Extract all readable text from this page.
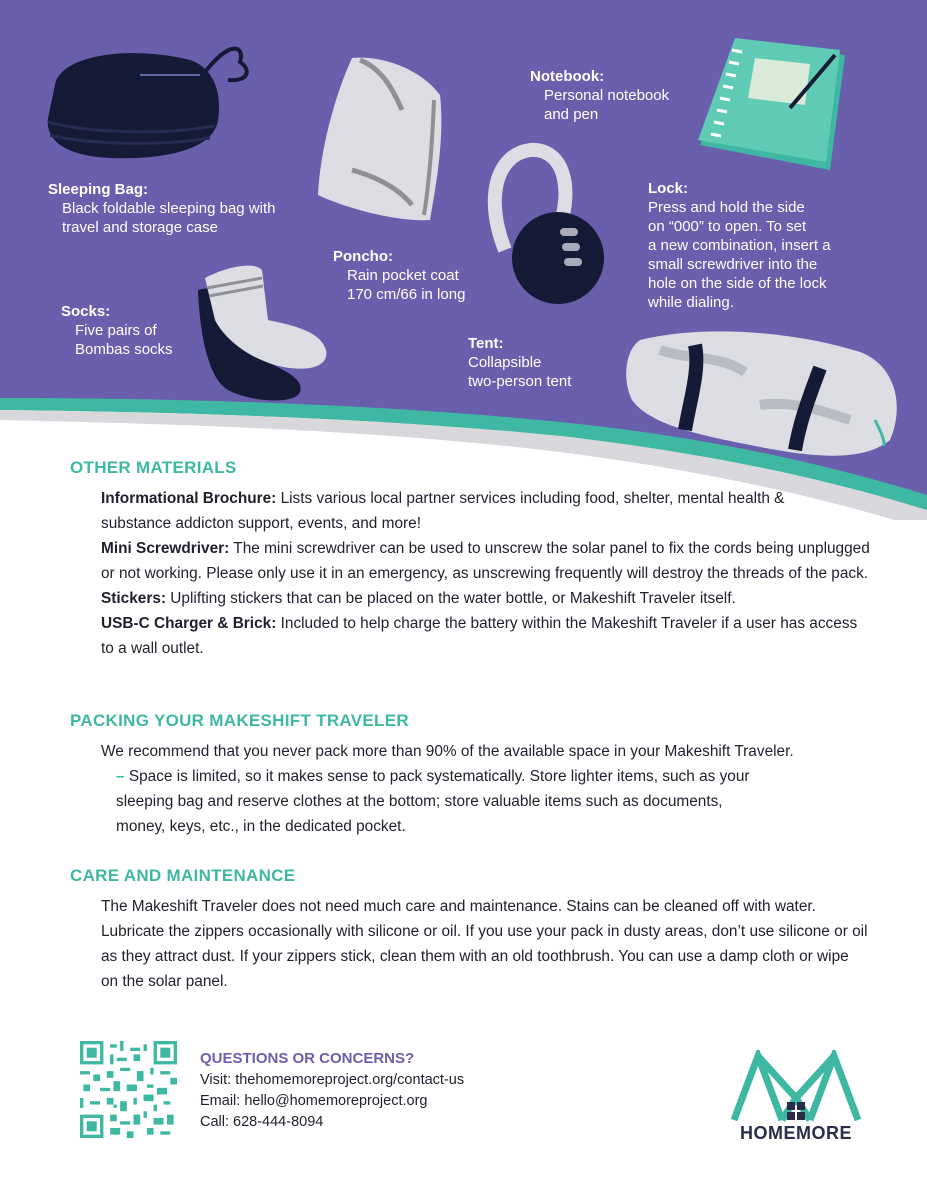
Sleeping Bag:
Black foldable sleeping bag with
travel and storage case
Poncho:
Rain pocket coat
170 cm/66 in long
Notebook:
Personal notebook
and pen
Lock:
Press and hold the side
on “000” to open. To set
a new combination, insert a
small screwdriver into the
hole on the side of the lock
while dialing.
Socks:
Five pairs of
Bombas socks	Tent:
Collapsible
two-person tent
OTHER MATERIALS

Informational Brochure: Lists various local partner services including food, shelter, mental health & substance addicton support, events, and more!

Mini Screwdriver: The mini screwdriver can be used to unscrew the solar panel to fix the cords being unplugged or not working. Please only use it in an emergency, as unscrewing frequently will destroy the threads of the pack.

Stickers: Uplifting stickers that can be placed on the water bottle, or Makeshift Traveler itself.

USB-C Charger & Brick: Included to help charge the battery within the Makeshift Traveler if a user has access to a wall outlet.

PACKING YOUR MAKESHIFT TRAVELER

We recommend that you never pack more than 90% of the available space in your Makeshift Traveler.

– Space is limited, so it makes sense to pack systematically. Store lighter items, such as your sleeping bag and reserve clothes at the bottom; store valuable items such as documents, money, keys, etc., in the dedicated pocket.

CARE AND MAINTENANCE

The Makeshift Traveler does not need much care and maintenance. Stains can be cleaned off with water. Lubricate the zippers occasionally with silicone or oil. If you use your pack in dusty areas, don’t use silicone or oil as they attract dust. If your zippers stick, clean them with an old toothbrush. You can use a damp cloth or wipe on the solar panel.

QUESTIONS OR CONCERNS?
Visit: thehomemoreproject.org/contact-us
Email: hello@homemoreproject.org
Call: 628-444-8094
HOMEMORE
